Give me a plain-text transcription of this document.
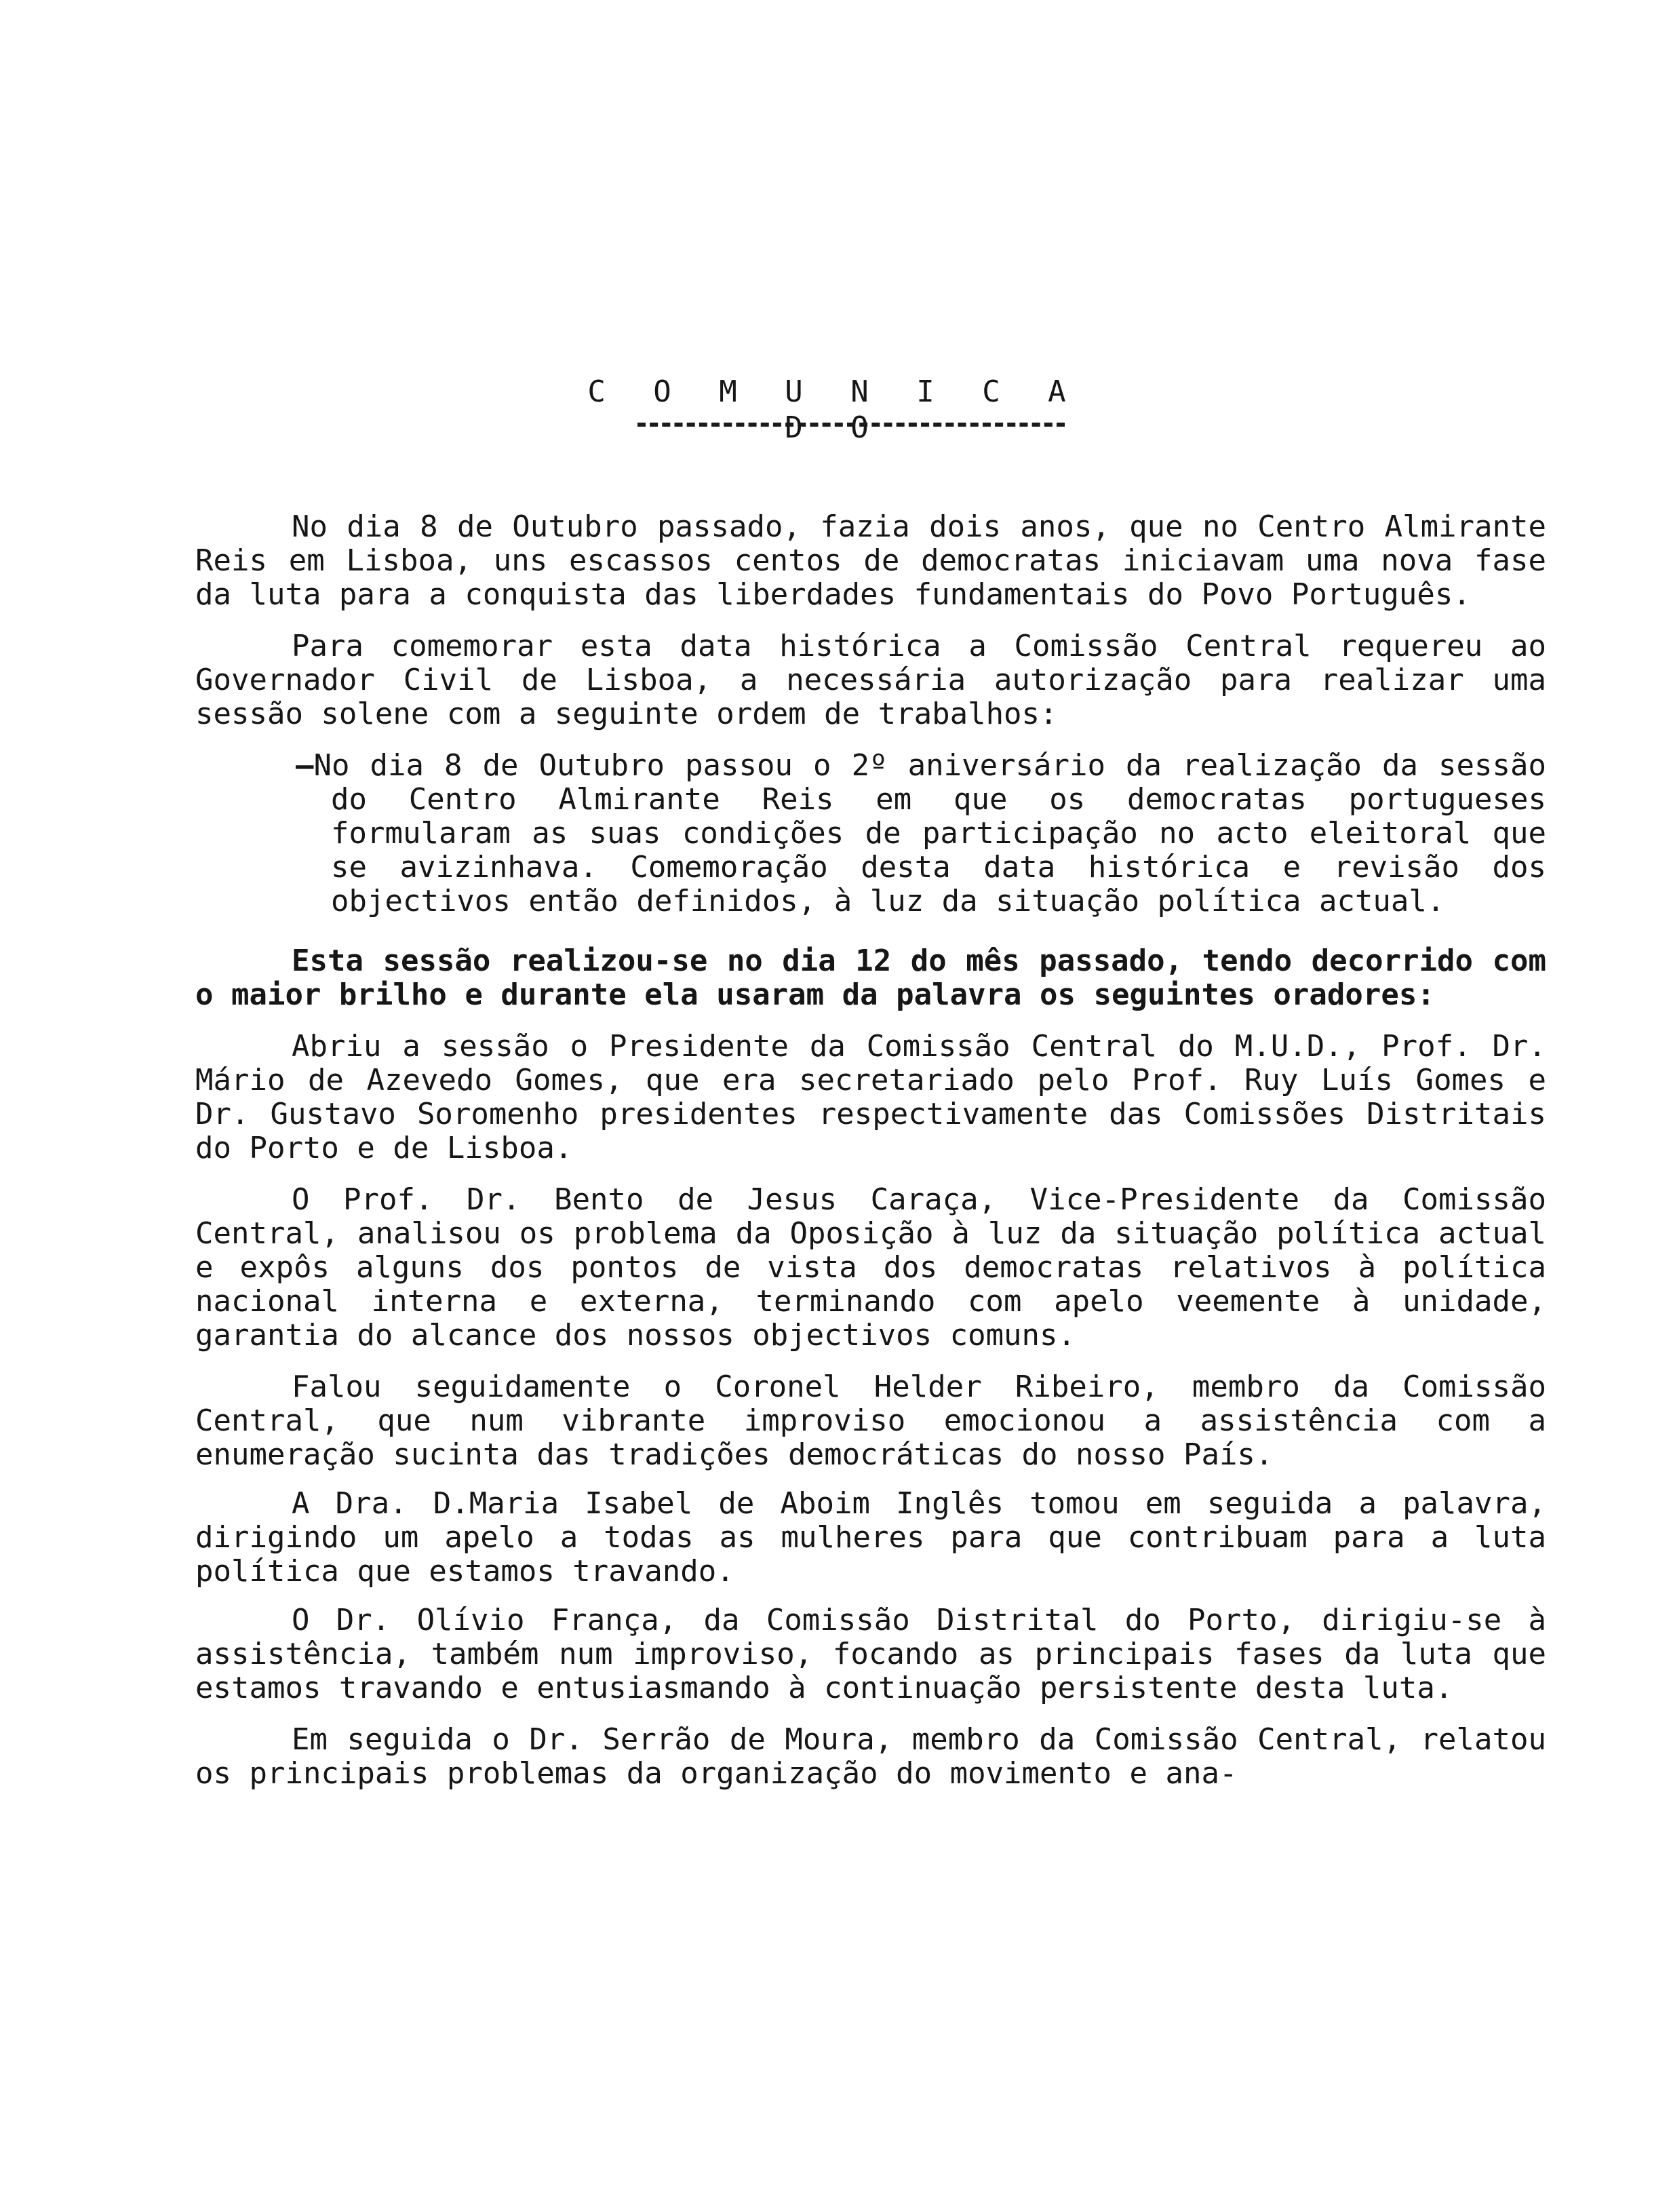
C O M U N I C A D O

No dia 8 de Outubro passado, fazia dois anos, que no Centro Almirante Reis em Lisboa, uns escassos centos de democratas iniciavam uma nova fase da luta para a conquista das liberdades fundamentais do Povo Português.

Para comemorar esta data histórica a Comissão Central requereu ao Governador Civil de Lisboa, a necessária autorização para realizar uma sessão solene com a seguinte ordem de trabalhos:

—No dia 8 de Outubro passou o 2º aniversário da realização da sessão do Centro Almirante Reis em que os democratas portugueses formularam as suas condições de participação no acto eleitoral que se avizinhava. Comemoração desta data histórica e revisão dos objectivos então definidos, à luz da situação política actual.

Esta sessão realizou-se no dia 12 do mês passado, tendo decorrido com o maior brilho e durante ela usaram da palavra os seguintes oradores:

Abriu a sessão o Presidente da Comissão Central do M.U.D., Prof. Dr. Mário de Azevedo Gomes, que era secretariado pelo Prof. Ruy Luís Gomes e Dr. Gustavo Soromenho presidentes respectivamente das Comissões Distritais do Porto e de Lisboa.

O Prof. Dr. Bento de Jesus Caraça, Vice-Presidente da Comissão Central, analisou os problema da Oposição à luz da situação política actual e expôs alguns dos pontos de vista dos democratas relativos à política nacional interna e externa, terminando com apelo veemente à unidade, garantia do alcance dos nossos objectivos comuns.

Falou seguidamente o Coronel Helder Ribeiro, membro da Comissão Central, que num vibrante improviso emocionou a assistência com a enumeração sucinta das tradições democráticas do nosso País.

A Dra. D.Maria Isabel de Aboim Inglês tomou em seguida a palavra, dirigindo um apelo a todas as mulheres para que contribuam para a luta política que estamos travando.

O Dr. Olívio França, da Comissão Distrital do Porto, dirigiu-se à assistência, também num improviso, focando as principais fases da luta que estamos travando e entusiasmando à continuação persistente desta luta.

Em seguida o Dr. Serrão de Moura, membro da Comissão Central, relatou os principais problemas da organização do movimento e ana-
